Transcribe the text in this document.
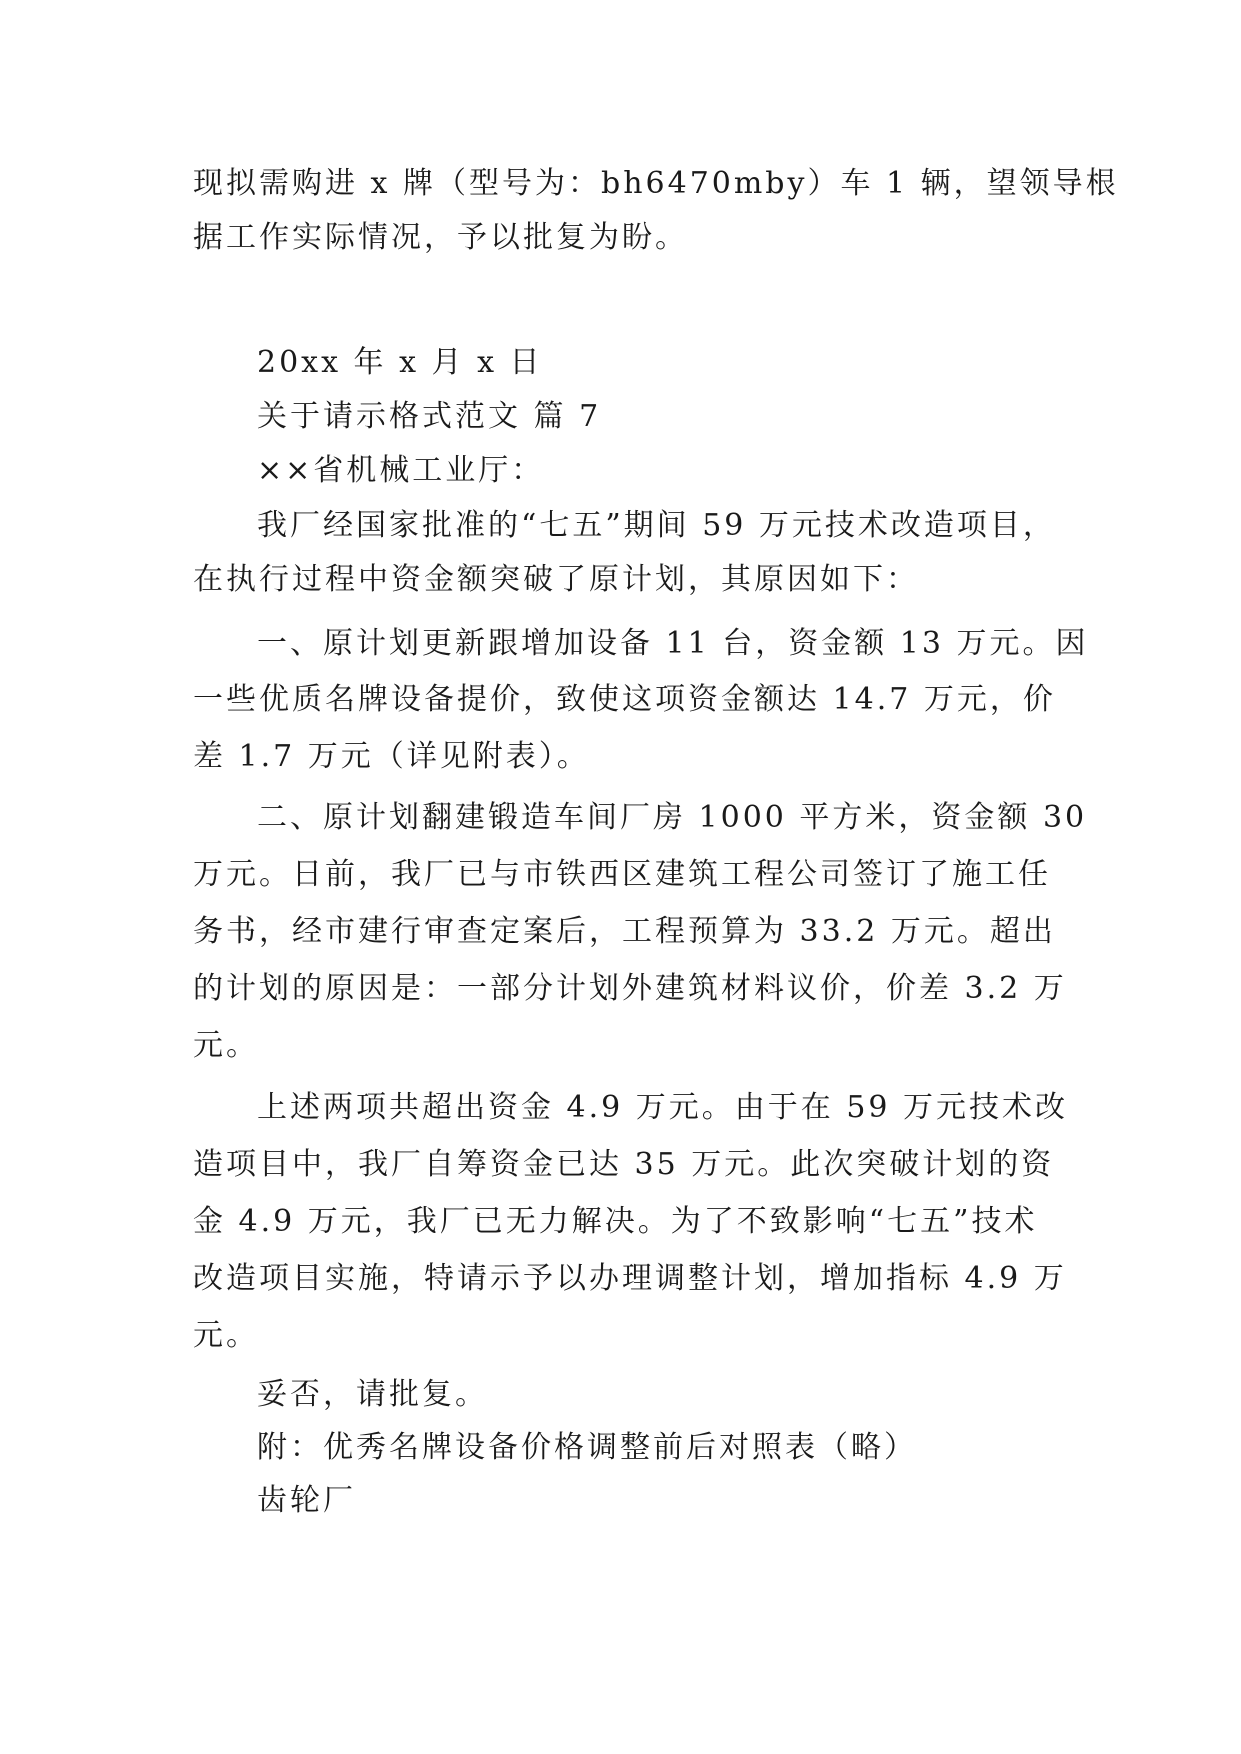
现拟需购进 x 牌（型号为：bh6470mby）车 1 辆，望领导根
据工作实际情况，予以批复为盼。
20xx 年 x 月 x 日
关于请示格式范文 篇 7
××省机械工业厅：
我厂经国家批准的“七五”期间 59 万元技术改造项目，
在执行过程中资金额突破了原计划，其原因如下：
一、原计划更新跟增加设备 11 台，资金额 13 万元。因
一些优质名牌设备提价，致使这项资金额达 14.7 万元，价
差 1.7 万元（详见附表）。
二、原计划翻建锻造车间厂房 1000 平方米，资金额 30
万元。日前，我厂已与市铁西区建筑工程公司签订了施工任
务书，经市建行审查定案后，工程预算为 33.2 万元。超出
的计划的原因是：一部分计划外建筑材料议价，价差 3.2 万
元。
上述两项共超出资金 4.9 万元。由于在 59 万元技术改
造项目中，我厂自筹资金已达 35 万元。此次突破计划的资
金 4.9 万元，我厂已无力解决。为了不致影响“七五”技术
改造项目实施，特请示予以办理调整计划，增加指标 4.9 万
元。
妥否，请批复。
附：优秀名牌设备价格调整前后对照表（略）
齿轮厂
